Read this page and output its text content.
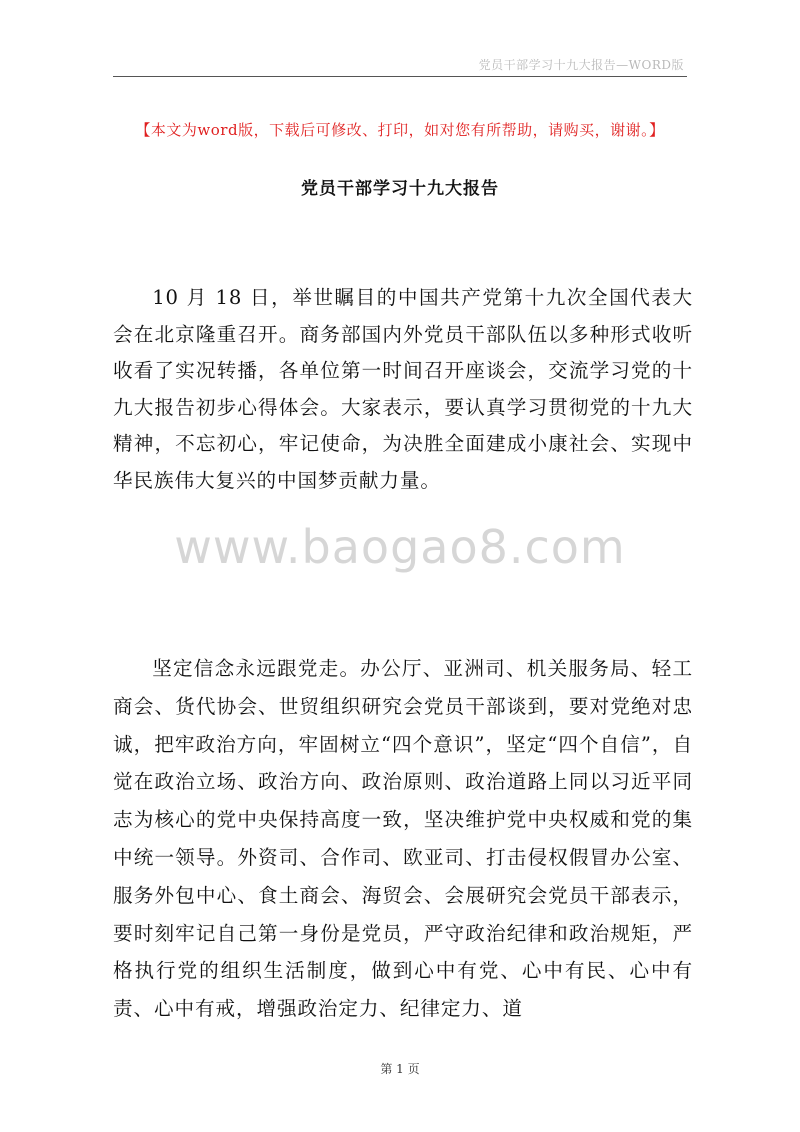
党员干部学习十九大报告—WORD版
【本文为word版，下载后可修改、打印，如对您有所帮助，请购买，谢谢。】
党员干部学习十九大报告

10 月 18 日，举世瞩目的中国共产党第十九次全国代表大会在北京隆重召开。商务部国内外党员干部队伍以多种形式收听收看了实况转播，各单位第一时间召开座谈会，交流学习党的十九大报告初步心得体会。大家表示，要认真学习贯彻党的十九大精神，不忘初心，牢记使命，为决胜全面建成小康社会、实现中华民族伟大复兴的中国梦贡献力量。

www.baogao8.com

坚定信念永远跟党走。办公厅、亚洲司、机关服务局、轻工商会、货代协会、世贸组织研究会党员干部谈到，要对党绝对忠诚，把牢政治方向，牢固树立“四个意识”，坚定“四个自信”，自觉在政治立场、政治方向、政治原则、政治道路上同以习近平同志为核心的党中央保持高度一致，坚决维护党中央权威和党的集中统一领导。外资司、合作司、欧亚司、打击侵权假冒办公室、服务外包中心、食土商会、海贸会、会展研究会党员干部表示，要时刻牢记自己第一身份是党员，严守政治纪律和政治规矩，严格执行党的组织生活制度，做到心中有党、心中有民、心中有责、心中有戒，增强政治定力、纪律定力、道

第 1 页
